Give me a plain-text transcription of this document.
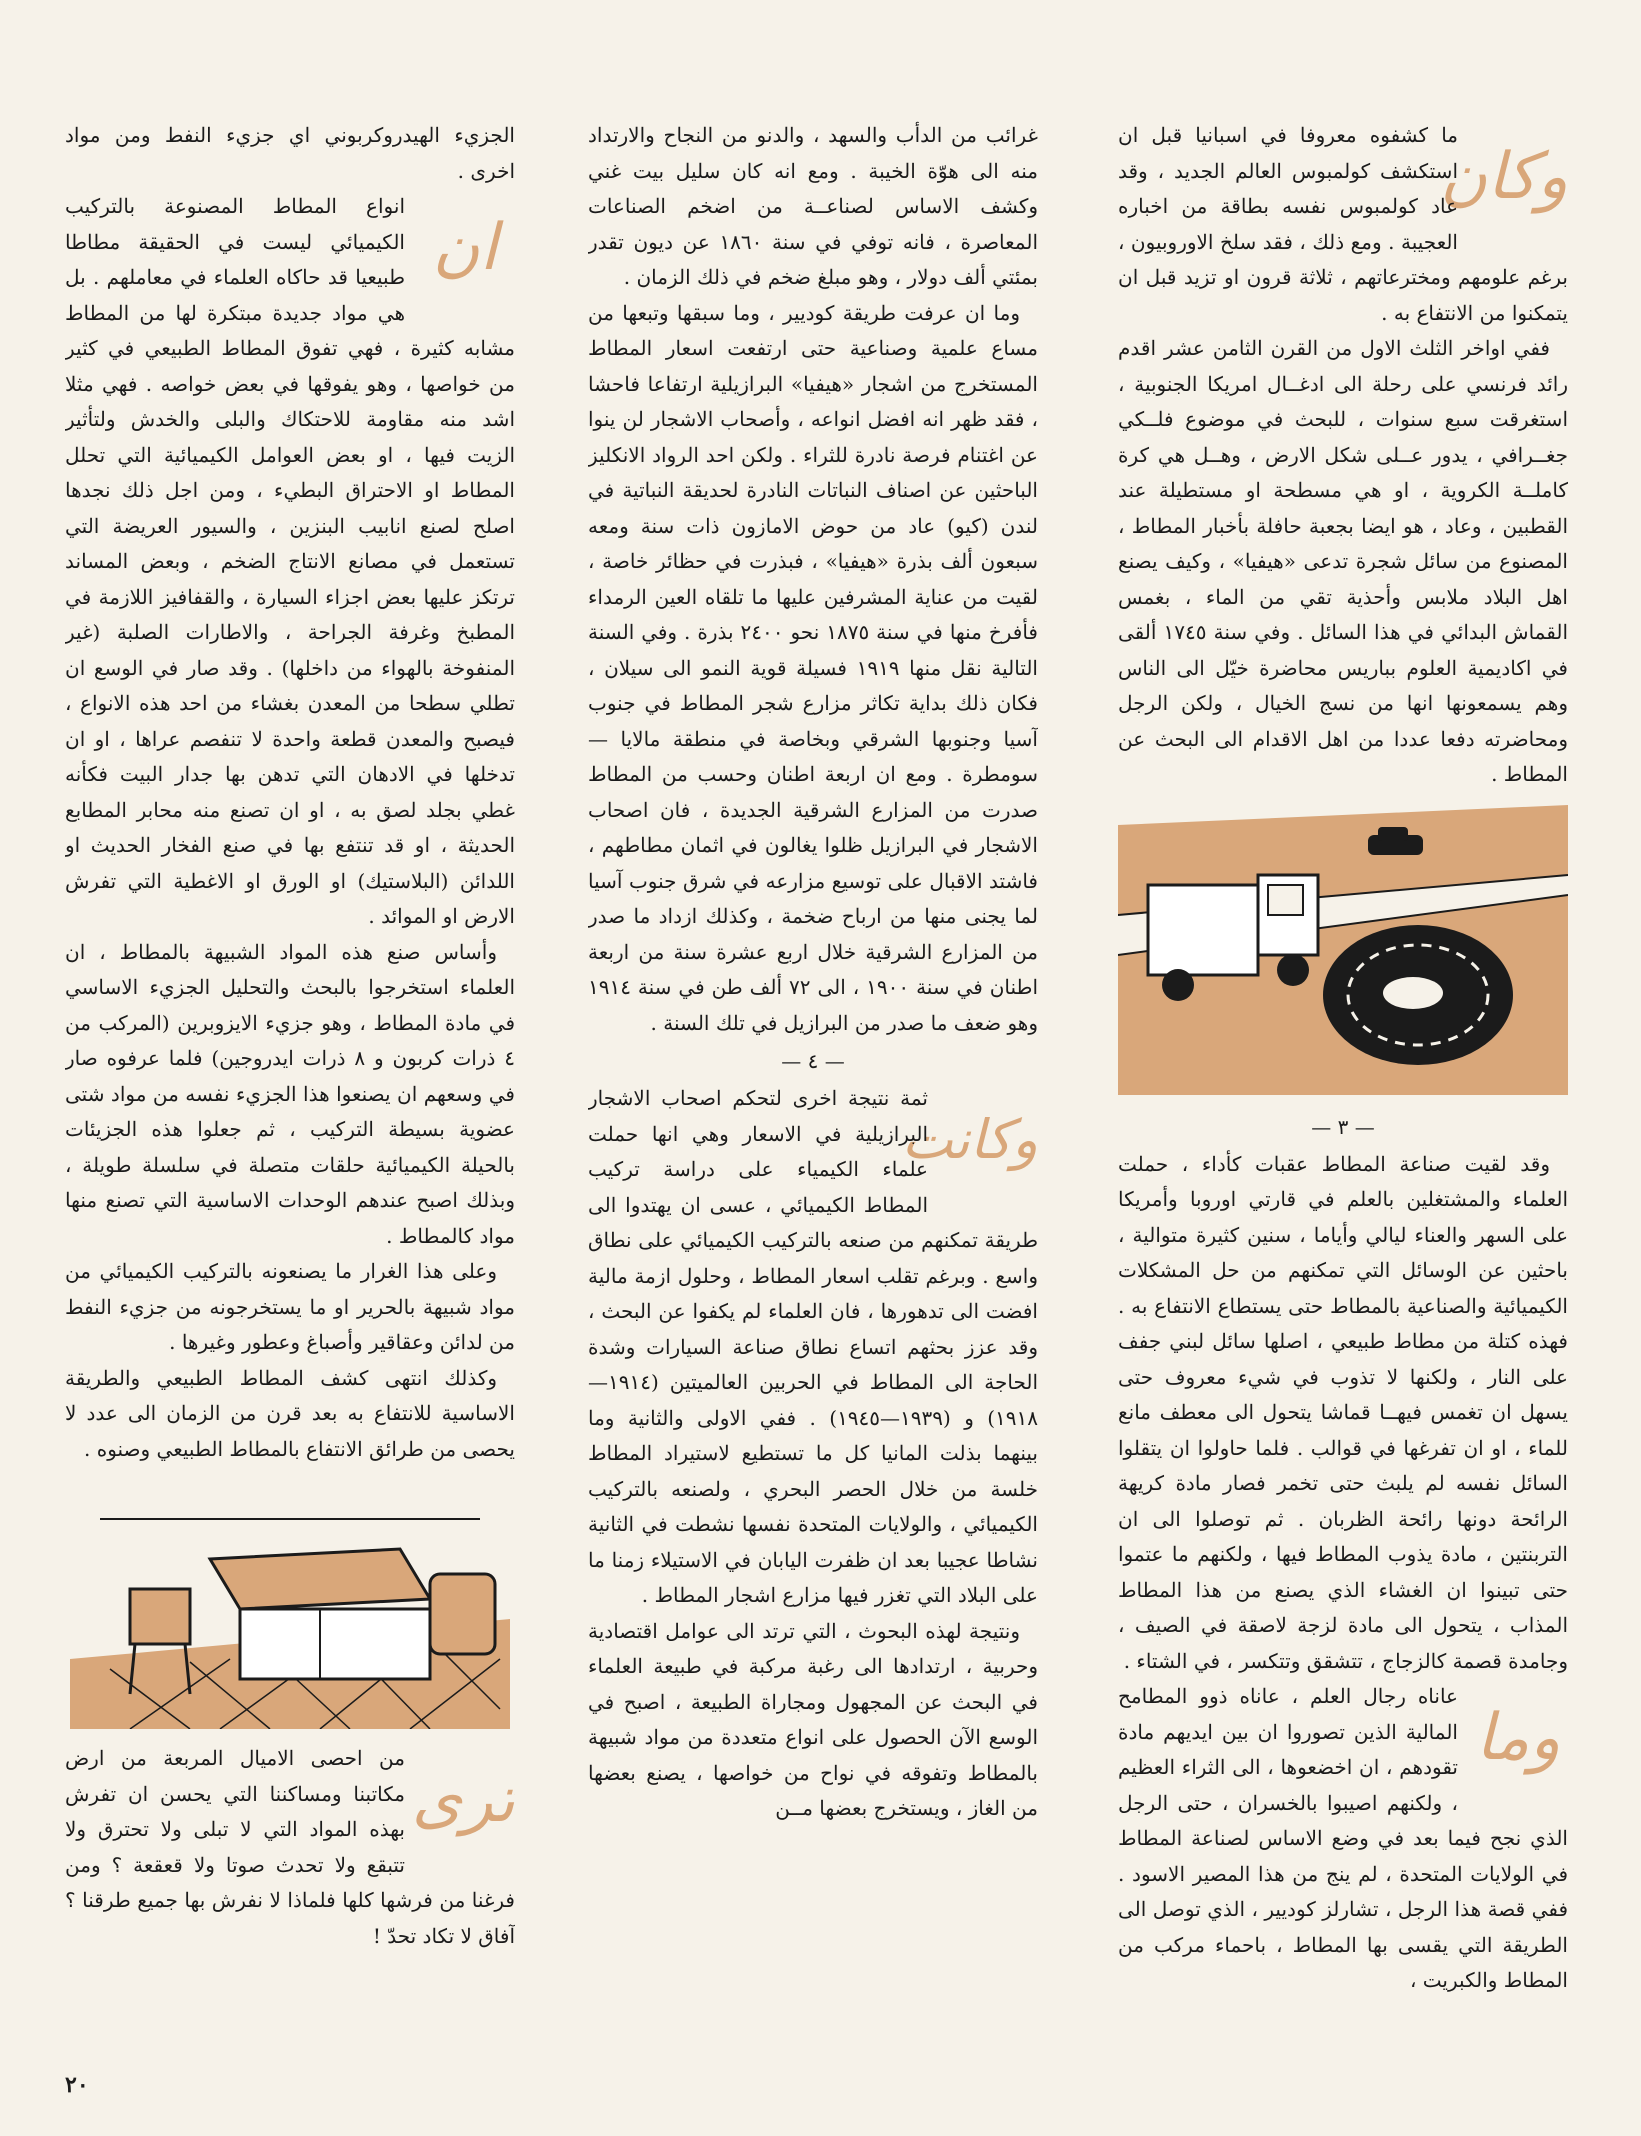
وكان

ما كشفوه معروفا في اسبانيا قبل ان استكشف كولمبوس العالم الجديد ، وقد عاد كولمبوس نفسه بطاقة من اخباره العجيبة . ومع ذلك ، فقد سلخ الاوروبيون ، برغم علومهم ومخترعاتهم ، ثلاثة قرون او تزيد قبل ان يتمكنوا من الانتفاع به .

ففي اواخر الثلث الاول من القرن الثامن عشر اقدم رائد فرنسي على رحلة الى ادغــال امريكا الجنوبية ، استغرقت سبع سنوات ، للبحث في موضوع فلــكي جغــرافي ، يدور عــلى شكل الارض ، وهــل هي كرة كاملــة الكروية ، او هي مسطحة او مستطيلة عند القطبين ، وعاد ، هو ايضا بجعبة حافلة بأخبار المطاط ، المصنوع من سائل شجرة تدعى «هيفيا» ، وكيف يصنع اهل البلاد ملابس وأحذية تقي من الماء ، بغمس القماش البدائي في هذا السائل . وفي سنة ١٧٤٥ ألقى في اكاديمية العلوم بباريس محاضرة خيّل الى الناس وهم يسمعونها انها من نسج الخيال ، ولكن الرجل ومحاضرته دفعا عددا من اهل الاقدام الى البحث عن المطاط .

— ٣ —

وقد لقيت صناعة المطاط عقبات كأداء ، حملت العلماء والمشتغلين بالعلم في قارتي اوروبا وأمريكا على السهر والعناء ليالي وأياما ، سنين كثيرة متوالية ، باحثين عن الوسائل التي تمكنهم من حل المشكلات الكيميائية والصناعية بالمطاط حتى يستطاع الانتفاع به . فهذه كتلة من مطاط طبيعي ، اصلها سائل لبني جفف على النار ، ولكنها لا تذوب في شيء معروف حتى يسهل ان تغمس فيهــا قماشا يتحول الى معطف مانع للماء ، او ان تفرغها في قوالب . فلما حاولوا ان يتقلوا السائل نفسه لم يلبث حتى تخمر فصار مادة كريهة الرائحة دونها رائحة الظربان . ثم توصلوا الى ان التربنتين ، مادة يذوب المطاط فيها ، ولكنهم ما عتموا حتى تبينوا ان الغشاء الذي يصنع من هذا المطاط المذاب ، يتحول الى مادة لزجة لاصقة في الصيف ، وجامدة قصمة كالزجاج ، تتشقق وتتكسر ، في الشتاء .

وما

عاناه رجال العلم ، عاناه ذوو المطامح المالية الذين تصوروا ان بين ايديهم مادة تقودهم ، ان اخضعوها ، الى الثراء العظيم ، ولكنهم اصيبوا بالخسران ، حتى الرجل الذي نجح فيما بعد في وضع الاساس لصناعة المطاط في الولايات المتحدة ، لم ينج من هذا المصير الاسود . ففي قصة هذا الرجل ، تشارلز كوديير ، الذي توصل الى الطريقة التي يقسى بها المطاط ، باحماء مركب من المطاط والكبريت ،

غرائب من الدأب والسهد ، والدنو من النجاح والارتداد منه الى هوّة الخيبة . ومع انه كان سليل بيت غني وكشف الاساس لصناعــة من اضخم الصناعات المعاصرة ، فانه توفي في سنة ١٨٦٠ عن ديون تقدر بمئتي ألف دولار ، وهو مبلغ ضخم في ذلك الزمان .

وما ان عرفت طريقة كوديير ، وما سبقها وتبعها من مساع علمية وصناعية حتى ارتفعت اسعار المطاط المستخرج من اشجار «هيفيا» البرازيلية ارتفاعا فاحشا ، فقد ظهر انه افضل انواعه ، وأصحاب الاشجار لن ينوا عن اغتنام فرصة نادرة للثراء . ولكن احد الرواد الانكليز الباحثين عن اصناف النباتات النادرة لحديقة النباتية في لندن (كيو) عاد من حوض الامازون ذات سنة ومعه سبعون ألف بذرة «هيفيا» ، فبذرت في حظائر خاصة ، لقيت من عناية المشرفين عليها ما تلقاه العين الرمداء فأفرخ منها في سنة ١٨٧٥ نحو ٢٤٠٠ بذرة . وفي السنة التالية نقل منها ١٩١٩ فسيلة قوية النمو الى سيلان ، فكان ذلك بداية تكاثر مزارع شجر المطاط في جنوب آسيا وجنوبها الشرقي وبخاصة في منطقة مالايا — سومطرة . ومع ان اربعة اطنان وحسب من المطاط صدرت من المزارع الشرقية الجديدة ، فان اصحاب الاشجار في البرازيل ظلوا يغالون في اثمان مطاطهم ، فاشتد الاقبال على توسيع مزارعه في شرق جنوب آسيا لما يجنى منها من ارباح ضخمة ، وكذلك ازداد ما صدر من المزارع الشرقية خلال اربع عشرة سنة من اربعة اطنان في سنة ١٩٠٠ ، الى ٧٢ ألف طن في سنة ١٩١٤ وهو ضعف ما صدر من البرازيل في تلك السنة .

— ٤ —
وكانت

ثمة نتيجة اخرى لتحكم اصحاب الاشجار البرازيلية في الاسعار وهي انها حملت علماء الكيمياء على دراسة تركيب المطاط الكيميائي ، عسى ان يهتدوا الى طريقة تمكنهم من صنعه بالتركيب الكيميائي على نطاق واسع . وبرغم تقلب اسعار المطاط ، وحلول ازمة مالية افضت الى تدهورها ، فان العلماء لم يكفوا عن البحث ، وقد عزز بحثهم اتساع نطاق صناعة السيارات وشدة الحاجة الى المطاط في الحربين العالميتين (١٩١٤—١٩١٨) و (١٩٣٩—١٩٤٥) . ففي الاولى والثانية وما بينهما بذلت المانيا كل ما تستطيع لاستيراد المطاط خلسة من خلال الحصر البحري ، ولصنعه بالتركيب الكيميائي ، والولايات المتحدة نفسها نشطت في الثانية نشاطا عجيبا بعد ان ظفرت اليابان في الاستيلاء زمنا ما على البلاد التي تغزر فيها مزارع اشجار المطاط .

ونتيجة لهذه البحوث ، التي ترتد الى عوامل اقتصادية وحربية ، ارتدادها الى رغبة مركبة في طبيعة العلماء في البحث عن المجهول ومجاراة الطبيعة ، اصبح في الوسع الآن الحصول على انواع متعددة من مواد شبيهة بالمطاط وتفوقه في نواح من خواصها ، يصنع بعضها من الغاز ، ويستخرج بعضها مــن

الجزيء الهيدروكربوني اي جزيء النفط ومن مواد اخرى .

ان

انواع المطاط المصنوعة بالتركيب الكيميائي ليست في الحقيقة مطاطا طبيعيا قد حاكاه العلماء في معاملهم . بل هي مواد جديدة مبتكرة لها من المطاط مشابه كثيرة ، فهي تفوق المطاط الطبيعي في كثير من خواصها ، وهو يفوقها في بعض خواصه . فهي مثلا اشد منه مقاومة للاحتكاك والبلى والخدش ولتأثير الزيت فيها ، او بعض العوامل الكيميائية التي تحلل المطاط او الاحتراق البطيء ، ومن اجل ذلك نجدها اصلح لصنع انابيب البنزين ، والسيور العريضة التي تستعمل في مصانع الانتاج الضخم ، وبعض المساند ترتكز عليها بعض اجزاء السيارة ، والقفافيز اللازمة في المطبخ وغرفة الجراحة ، والاطارات الصلبة (غير المنفوخة بالهواء من داخلها) . وقد صار في الوسع ان تطلي سطحا من المعدن بغشاء من احد هذه الانواع ، فيصبح والمعدن قطعة واحدة لا تنفصم عراها ، او ان تدخلها في الادهان التي تدهن بها جدار البيت فكأنه غطي بجلد لصق به ، او ان تصنع منه محابر المطابع الحديثة ، او قد تنتفع بها في صنع الفخار الحديث او اللدائن (البلاستيك) او الورق او الاغطية التي تفرش الارض او الموائد .

وأساس صنع هذه المواد الشبيهة بالمطاط ، ان العلماء استخرجوا بالبحث والتحليل الجزيء الاساسي في مادة المطاط ، وهو جزيء الايزوبرين (المركب من ٤ ذرات كربون و ٨ ذرات ايدروجين) فلما عرفوه صار في وسعهم ان يصنعوا هذا الجزيء نفسه من مواد شتى عضوية بسيطة التركيب ، ثم جعلوا هذه الجزيئات بالحيلة الكيميائية حلقات متصلة في سلسلة طويلة ، وبذلك اصبح عندهم الوحدات الاساسية التي تصنع منها مواد كالمطاط .

وعلى هذا الغرار ما يصنعونه بالتركيب الكيميائي من مواد شبيهة بالحرير او ما يستخرجونه من جزيء النفط من لدائن وعقاقير وأصباغ وعطور وغيرها .

وكذلك انتهى كشف المطاط الطبيعي والطريقة الاساسية للانتفاع به بعد قرن من الزمان الى عدد لا يحصى من طرائق الانتفاع بالمطاط الطبيعي وصنوه .

ترى

من احصى الاميال المربعة من ارض مكاتبنا ومساكننا التي يحسن ان تفرش بهذه المواد التي لا تبلى ولا تحترق ولا تتبقع ولا تحدث صوتا ولا قعقعة ؟ ومن فرغنا من فرشها كلها فلماذا لا نفرش بها جميع طرقنا ؟ آفاق لا تكاد تحدّ !

٢٠
